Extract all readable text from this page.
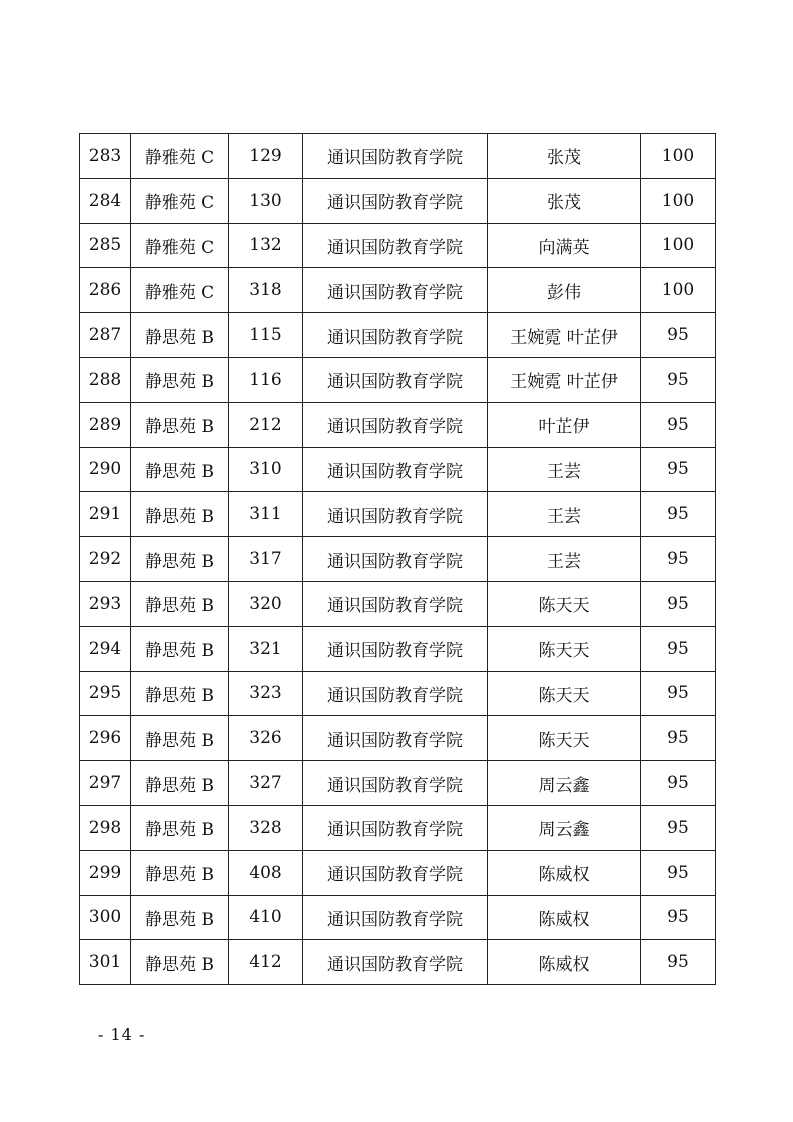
283	静雅苑 C	129	通识国防教育学院	张茂	100
284	静雅苑 C	130	通识国防教育学院	张茂	100
285	静雅苑 C	132	通识国防教育学院	向满英	100
286	静雅苑 C	318	通识国防教育学院	彭伟	100
287	静思苑 B	115	通识国防教育学院	王婉霓 叶芷伊	95
288	静思苑 B	116	通识国防教育学院	王婉霓 叶芷伊	95
289	静思苑 B	212	通识国防教育学院	叶芷伊	95
290	静思苑 B	310	通识国防教育学院	王芸	95
291	静思苑 B	311	通识国防教育学院	王芸	95
292	静思苑 B	317	通识国防教育学院	王芸	95
293	静思苑 B	320	通识国防教育学院	陈天天	95
294	静思苑 B	321	通识国防教育学院	陈天天	95
295	静思苑 B	323	通识国防教育学院	陈天天	95
296	静思苑 B	326	通识国防教育学院	陈天天	95
297	静思苑 B	327	通识国防教育学院	周云鑫	95
298	静思苑 B	328	通识国防教育学院	周云鑫	95
299	静思苑 B	408	通识国防教育学院	陈威权	95
300	静思苑 B	410	通识国防教育学院	陈威权	95
301	静思苑 B	412	通识国防教育学院	陈威权	95
- 14 -
